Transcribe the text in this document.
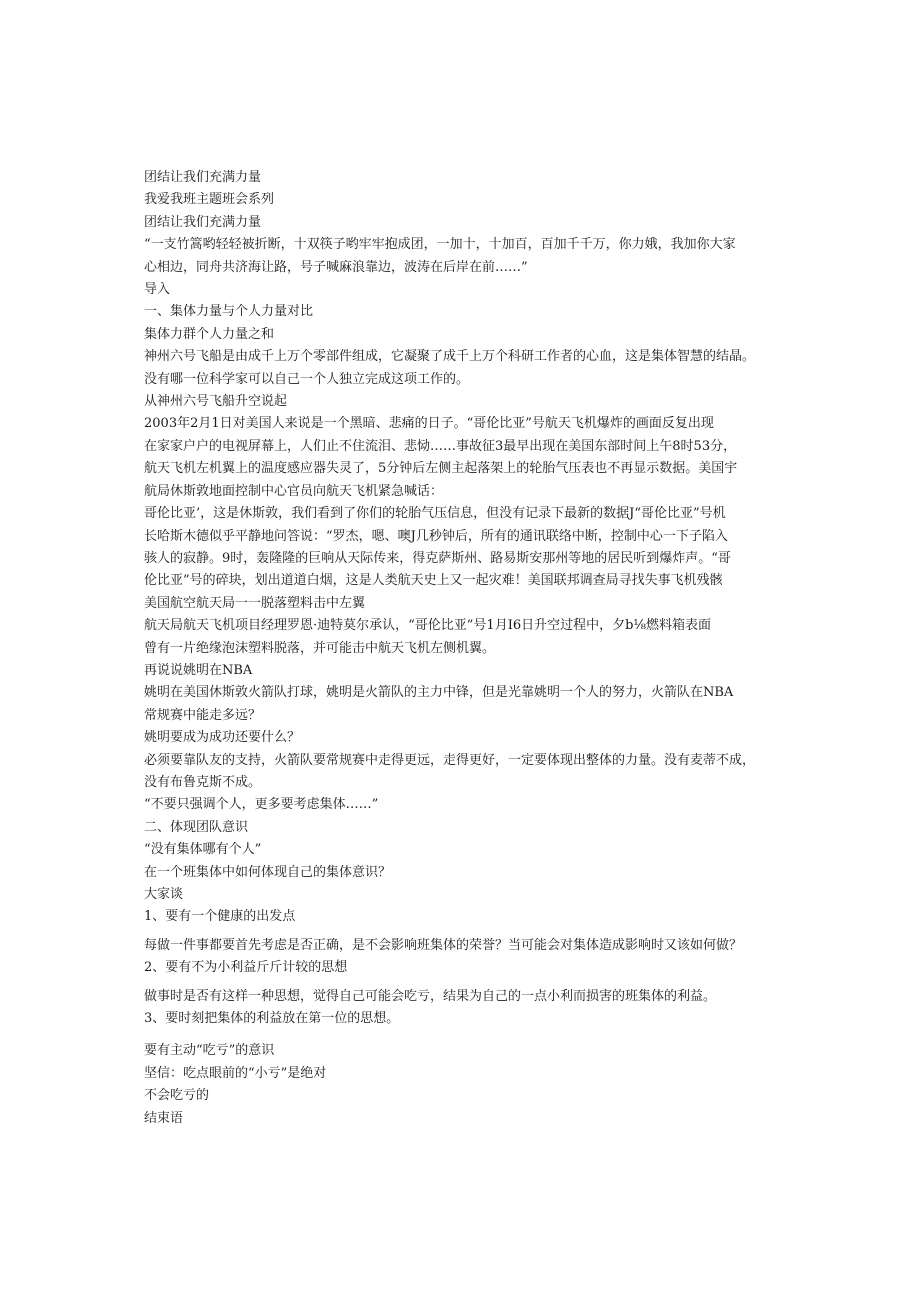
团结让我们充满力量
我爱我班主题班会系列
团结让我们充满力量
“一支竹篙哟轻轻被折断，十双筷子哟牢牢抱成团，一加十，十加百，百加千千万，你力娥，我加你大家
心相边，同舟共济海让路，号子喊麻浪靠边，波涛在后岸在前……”
导入
一、集体力量与个人力量对比
集体力群个人力量之和
神州六号飞船是由成千上万个零部件组成，它凝聚了成千上万个科研工作者的心血，这是集体智慧的结晶。
没有哪一位科学家可以自己一个人独立完成这项工作的。
从神州六号飞船升空说起
2003年2月1日对美国人来说是一个黑暗、悲痛的日子。“哥伦比亚”号航天飞机爆炸的画面反复出现
在家家户户的电视屏幕上，人们止不住流泪、悲恸……事故征3最早出现在美国东部时间上午8时53分，
航天飞机左机翼上的温度感应器失灵了，5分钟后左侧主起落架上的轮胎气压表也不再显示数据。美国宇
航局休斯敦地面控制中心官员向航天飞机紧急喊话：
哥伦比亚’，这是休斯敦，我们看到了你们的轮胎气压信息，但没有记录下最新的数据J“哥伦比亚”号机
长哈斯木德似乎平静地问答说：“罗杰，嗯、噢J几秒钟后，所有的通讯联络中断，控制中心一下子陷入
骇人的寂静。9时，轰隆隆的巨响从天际传来，得克萨斯州、路易斯安那州等地的居民听到爆炸声。“哥
伦比亚”号的碎块，划出道道白烟，这是人类航天史上又一起灾难！美国联邦调查局寻找失事飞机残骸
美国航空航天局一一脱落塑料击中左翼
航天局航天飞机项目经理罗恩·迪特莫尔承认，“哥伦比亚”号1月I6日升空过程中，夕b⅛燃料箱表面
曾有一片绝缘泡沫塑料脱落，并可能击中航天飞机左侧机翼。
再说说姚明在NBA
姚明在美国休斯敦火箭队打球，姚明是火箭队的主力中锋，但是光靠姚明一个人的努力，火箭队在NBA
常规赛中能走多远？
姚明要成为成功还要什么？
必须要靠队友的支持，火箭队要常规赛中走得更远，走得更好，一定要体现出整体的力量。没有麦蒂不成，
没有布鲁克斯不成。
“不要只强调个人，更多要考虑集体……”
二、体现团队意识
“没有集体哪有个人”
在一个班集体中如何体现自己的集体意识？
大家谈
1、要有一个健康的出发点
每做一件事都要首先考虑是否正确，是不会影响班集体的荣誉？当可能会对集体造成影响时又该如何做？
2、要有不为小利益斤斤计较的思想
做事时是否有这样一种思想，觉得自己可能会吃亏，结果为自己的一点小利而损害的班集体的利益。
3、要时刻把集体的利益放在第一位的思想。
要有主动“吃亏”的意识
坚信：吃点眼前的“小亏”是绝对
不会吃亏的
结束语
